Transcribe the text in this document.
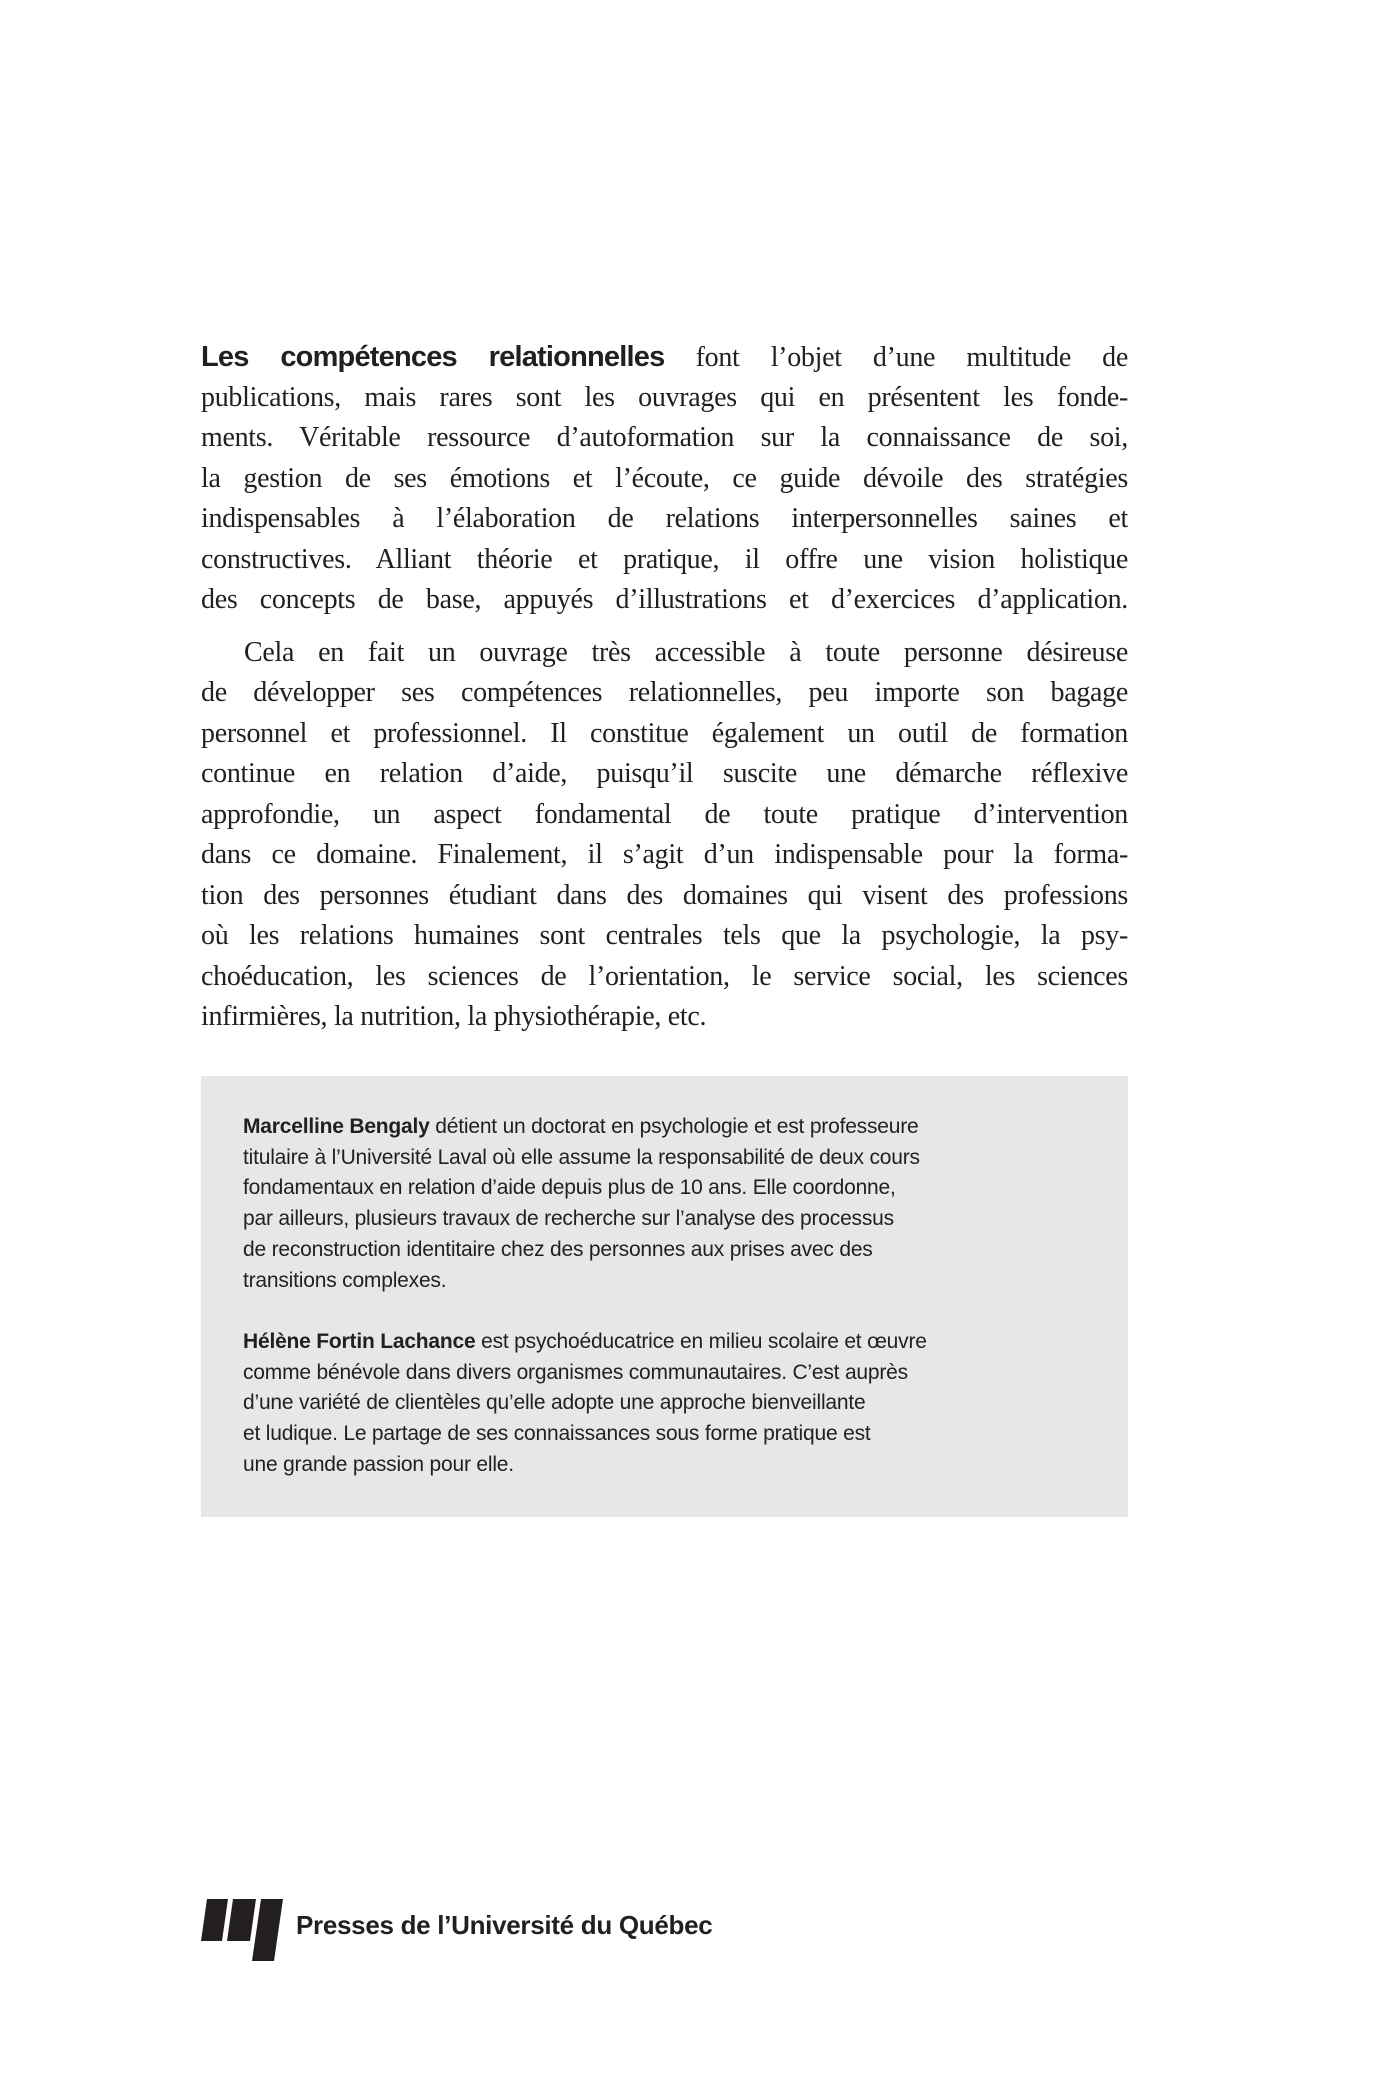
Les compétences relationnelles font l’objet d’une multitude de
publications, mais rares sont les ouvrages qui en présentent les fonde-
ments. Véritable ressource d’autoformation sur la connaissance de soi,
la gestion de ses émotions et l’écoute, ce guide dévoile des stratégies
indispensables à l’élaboration de relations interpersonnelles saines et
constructives. Alliant théorie et pratique, il offre une vision holistique
des concepts de base, appuyés d’illustrations et d’exercices d’application.
Cela en fait un ouvrage très accessible à toute personne désireuse
de développer ses compétences relationnelles, peu importe son bagage
personnel et professionnel. Il constitue également un outil de formation
continue en relation d’aide, puisqu’il suscite une démarche réflexive
approfondie, un aspect fondamental de toute pratique d’intervention
dans ce domaine. Finalement, il s’agit d’un indispensable pour la forma-
tion des personnes étudiant dans des domaines qui visent des professions
où les relations humaines sont centrales tels que la psychologie, la psy-
choéducation, les sciences de l’orientation, le service social, les sciences
infirmières, la nutrition, la physiothérapie, etc.
Marcelline Bengaly détient un doctorat en psychologie et est professeure
titulaire à l’Université Laval où elle assume la responsabilité de deux cours
fondamentaux en relation d’aide depuis plus de 10 ans. Elle coordonne,
par ailleurs, plusieurs travaux de recherche sur l’analyse des processus
de reconstruction identitaire chez des personnes aux prises avec des
transitions complexes.
Hélène Fortin Lachance est psychoéducatrice en milieu scolaire et œuvre
comme bénévole dans divers organismes communautaires. C’est auprès
d’une variété de clientèles qu’elle adopte une approche bienveillante
et ludique. Le partage de ses connaissances sous forme pratique est
une grande passion pour elle.
Presses de l’Université du Québec
